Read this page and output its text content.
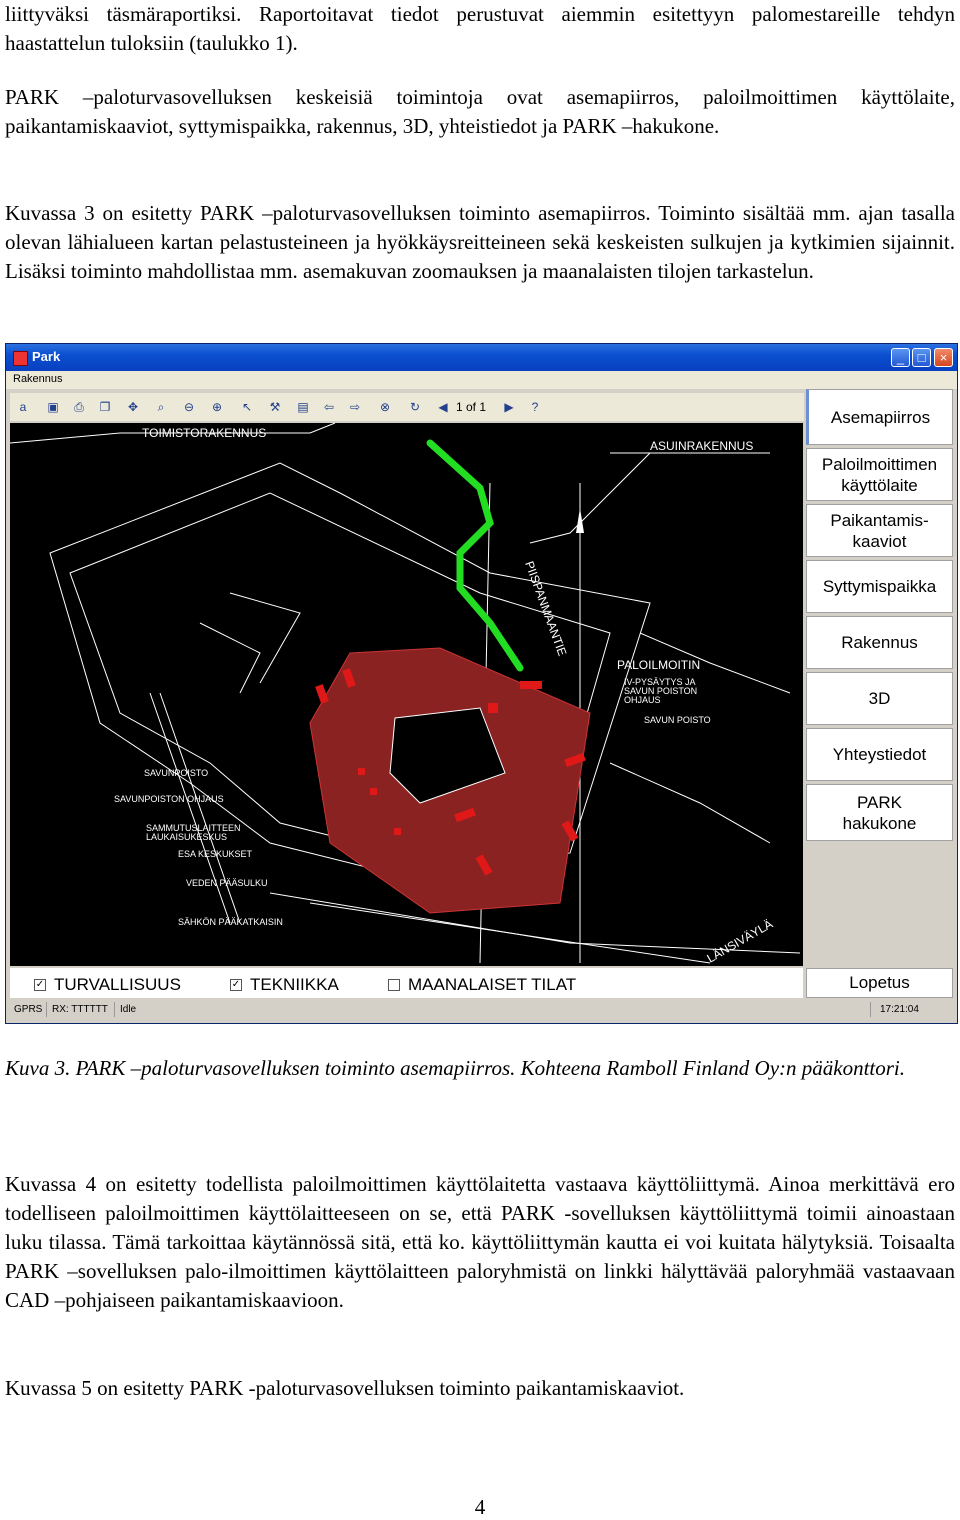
liittyväksi täsmäraportiksi. Raportoitavat tiedot perustuvat aiemmin esitettyyn palomestareille tehdyn haastattelun tuloksiin (taulukko 1).

PARK –paloturvasovelluksen keskeisiä toimintoja ovat asemapiirros, paloilmoittimen käyttölaite, paikantamiskaaviot, syttymispaikka, rakennus, 3D, yhteistiedot ja PARK –hakukone.

Kuvassa 3 on esitetty PARK –paloturvasovelluksen toiminto asemapiirros. Toiminto sisältää mm. ajan tasalla olevan lähialueen kartan pelastusteineen ja hyökkäysreitteineen sekä keskeisten sulkujen ja kytkimien sijainnit. Lisäksi toiminto mahdollistaa mm. asemakuvan zoomauksen ja maanalaisten tilojen tarkastelun.

Park	_	□	×
Rakennus
a	▣ ⎙ ❐ ✥	⌕	⊖ ⊕ ↖ ⚒ ▤ ⇦ ⇨ ⊗ ↻ ◀ 1 of 1 ▶	?
TOIMISTORAKENNUS
ASUINRAKENNUS
PIISPANMAANTIE
LÄNSIVÄYLÄ
PALOILMOITIN
IV-PYSÄYTYS JA
SAVUN POISTON
OHJAUS
SAVUN POISTO
SAVUNPOISTO
SAVUNPOISTON OHJAUS
SAMMUTUSLAITTEEN
LAUKAISUKESKUS
ESA KESKUKSET
VEDEN PÄÄSULKU
SÄHKÖN PÄÄKATKAISIN
Asemapiirros
Paloilmoittimen
käyttölaite
Paikantamis-
kaaviot
Syttymispaikka
Rakennus
3D
Yhteystiedot
PARK
hakukone
✓ TURVALLISUUS	✓ TEKNIIKKA	MAANALAISET TILAT	Lopetus
GPRS RX: TTTTTT Idle	17:21:04

Kuva 3. PARK –paloturvasovelluksen toiminto asemapiirros. Kohteena Ramboll Finland Oy:n pääkonttori.

Kuvassa 4 on esitetty todellista paloilmoittimen käyttölaitetta vastaava käyttöliittymä. Ainoa merkittävä ero todelliseen paloilmoittimen käyttölaitteeseen on se, että PARK -sovelluksen käyttöliittymä toimii ainoastaan luku tilassa. Tämä tarkoittaa käytännössä sitä, että ko. käyttöliittymän kautta ei voi kuitata hälytyksiä. Toisaalta PARK –sovelluksen palo-ilmoittimen käyttölaitteen paloryhmistä on linkki hälyttävää paloryhmää vastaavaan CAD –pohjaiseen paikantamiskaavioon.

Kuvassa 5 on esitetty PARK -paloturvasovelluksen toiminto paikantamiskaaviot.

4
